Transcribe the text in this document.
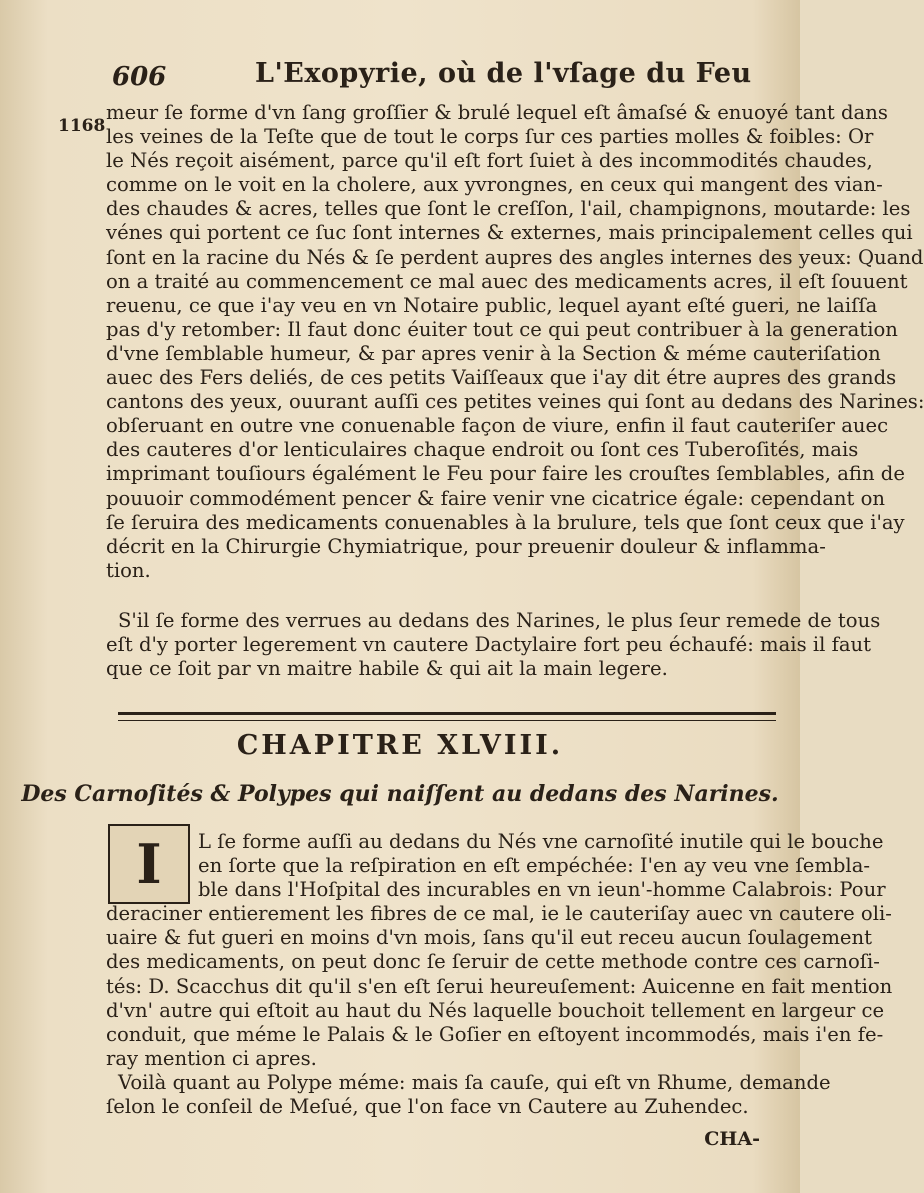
606	L'Exopyrie, où de l'vſage du Feu
1168
meur ſe forme d'vn ſang groſſier & brulé lequel eſt âmaſsé & enuoyé tant dans
les veines de la Teſte que de tout le corps ſur ces parties molles & foibles: Or
le Nés reçoit aisément, parce qu'il eſt fort ſuiet à des incommodités chaudes,
comme on le voit en la cholere, aux yvrongnes, en ceux qui mangent des vian-
des chaudes & acres, telles que ſont le creſſon, l'ail, champignons, moutarde: les
vénes qui portent ce ſuc ſont internes & externes, mais principalement celles qui
ſont en la racine du Nés & ſe perdent aupres des angles internes des yeux: Quand
on a traité au commencement ce mal auec des medicaments acres, il eſt ſouuent
reuenu, ce que i'ay veu en vn Notaire public, lequel ayant eſté gueri, ne laiſſa
pas d'y retomber: Il faut donc éuiter tout ce qui peut contribuer à la generation
d'vne ſemblable humeur, & par apres venir à la Section & méme cauteriſation
auec des Fers deliés, de ces petits Vaiſſeaux que i'ay dit étre aupres des grands
cantons des yeux, ouurant auſſi ces petites veines qui ſont au dedans des Narines:
obſeruant en outre vne conuenable façon de viure, enfin il faut cauteriſer auec
des cauteres d'or lenticulaires chaque endroit ou ſont ces Tuberoſités, mais
imprimant touſiours égalément le Feu pour faire les crouſtes ſemblables, afin de
pouuoir commodément pencer & faire venir vne cicatrice égale: cependant on
ſe ſeruira des medicaments conuenables à la brulure, tels que ſont ceux que i'ay
décrit en la Chirurgie Chymiatrique, pour preuenir douleur & inflamma-
tion.
S'il ſe forme des verrues au dedans des Narines, le plus ſeur remede de tous
eſt d'y porter legerement vn cautere Dactylaire fort peu échaufé: mais il faut
que ce ſoit par vn maitre habile & qui ait la main legere.
CHAPITRE XLVIII.
Des Carnoſités & Polypes qui naiſſent au dedans des Narines.
I	L ſe forme auſſi au dedans du Nés vne carnoſité inutile qui le bouche
en ſorte que la reſpiration en eſt empéchée: I'en ay veu vne ſembla-
ble dans l'Hoſpital des incurables en vn ieun'-homme Calabrois: Pour
deraciner entierement les fibres de ce mal, ie le cauteriſay auec vn cautere oli-
uaire & fut gueri en moins d'vn mois, ſans qu'il eut receu aucun ſoulagement
des medicaments, on peut donc ſe ſeruir de cette methode contre ces carnoſi-
tés: D. Scacchus dit qu'il s'en eſt ſerui heureuſement: Auicenne en fait mention
d'vn' autre qui eſtoit au haut du Nés laquelle bouchoit tellement en largeur ce
conduit, que méme le Palais & le Goſier en eſtoyent incommodés, mais i'en fe-
ray mention ci apres.
Voilà quant au Polype méme: mais ſa cauſe, qui eſt vn Rhume, demande
ſelon le conſeil de Meſué, que l'on face vn Cautere au Zuhendec.
CHA-
